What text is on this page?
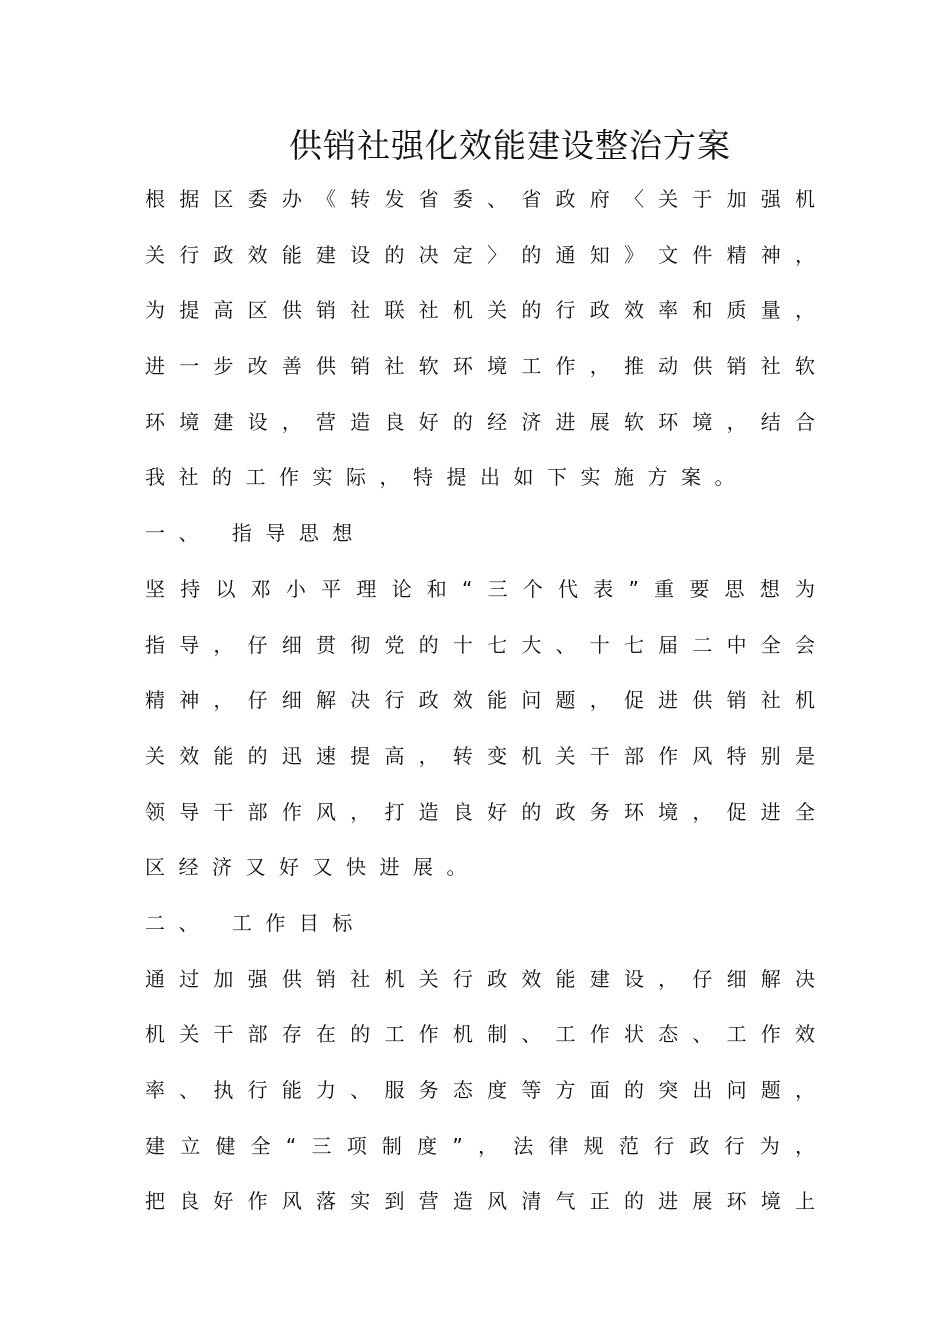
供销社强化效能建设整治方案
根据区委办《转发省委、省政府〈关于加强机
关行政效能建设的决定〉的通知》文件精神，
为提高区供销社联社机关的行政效率和质量，
进一步改善供销社软环境工作，推动供销社软
环境建设，营造良好的经济进展软环境，结合
我社的工作实际，特提出如下实施方案。
一、 指导思想
坚持以邓小平理论和“三个代表”重要思想为
指导，仔细贯彻党的十七大、十七届二中全会
精神，仔细解决行政效能问题，促进供销社机
关效能的迅速提高，转变机关干部作风特别是
领导干部作风，打造良好的政务环境，促进全
区经济又好又快进展。
二、 工作目标
通过加强供销社机关行政效能建设，仔细解决
机关干部存在的工作机制、工作状态、工作效
率、执行能力、服务态度等方面的突出问题，
建立健全“三项制度”，法律规范行政行为，
把良好作风落实到营造风清气正的进展环境上
